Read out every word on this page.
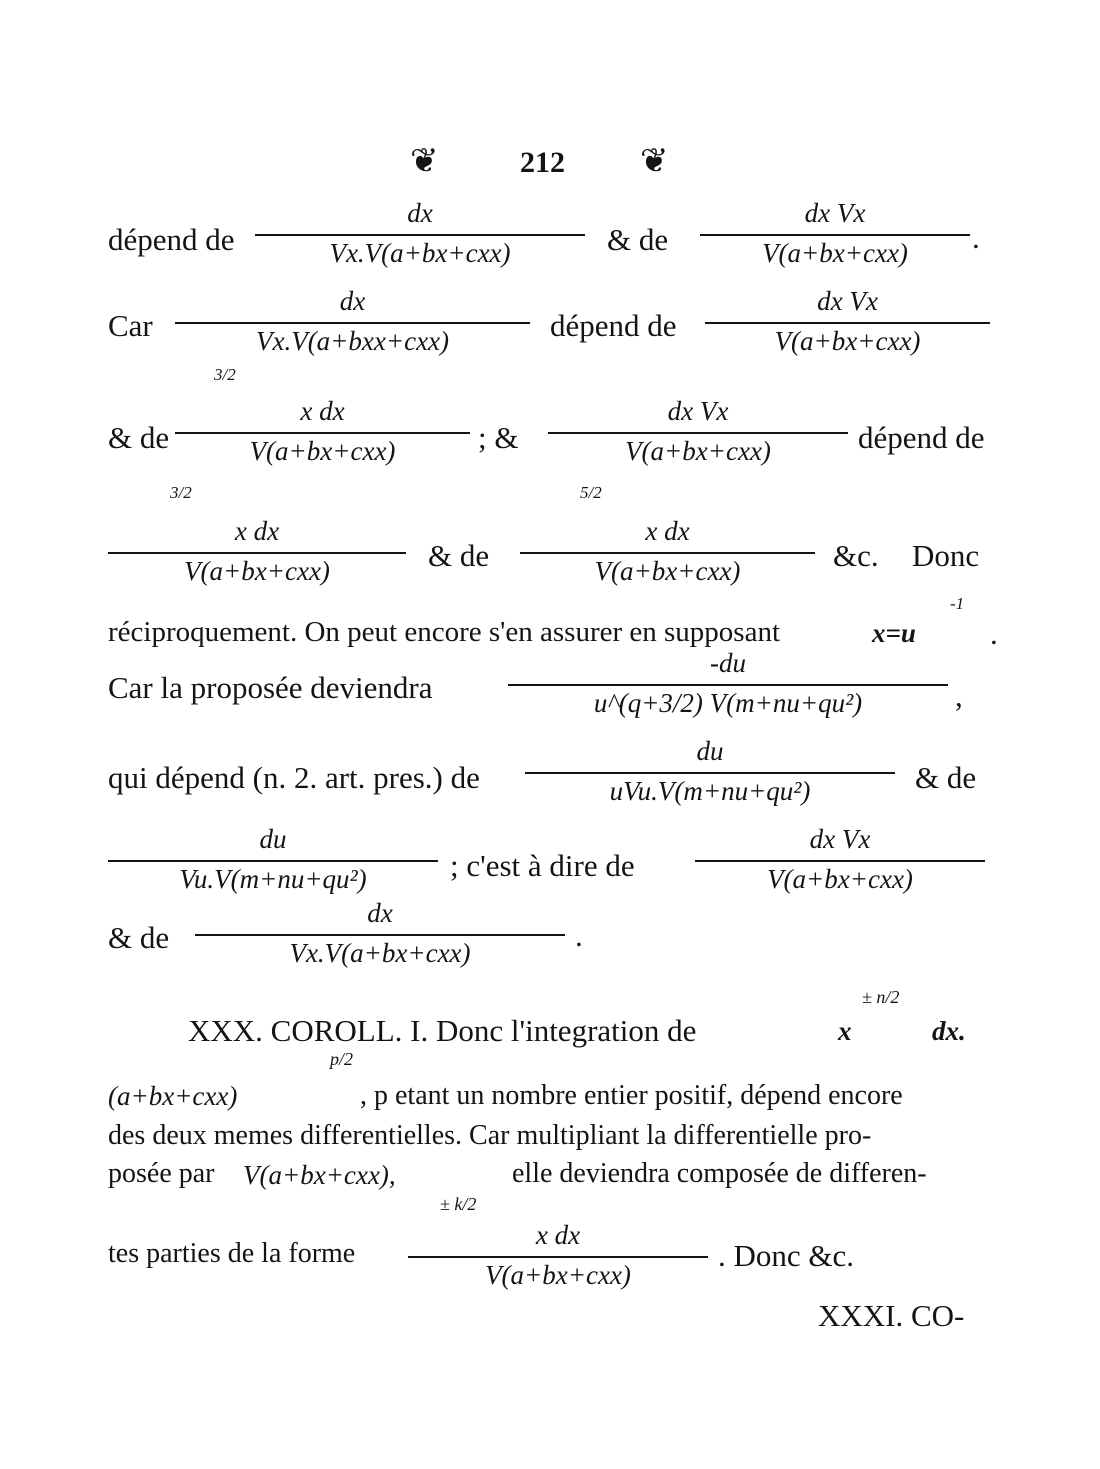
❦	212 ❦
dépend de
dx
Vx.V(a+bx+cxx)	& de
dx Vx
V(a+bx+cxx)	.
Car
dx
Vx.V(a+bxx+cxx)	dépend de
dx Vx
V(a+bx+cxx)
3/2
& de
x dx
V(a+bx+cxx)	; &
dx Vx
V(a+bx+cxx)	dépend de
3/2
x dx
V(a+bx+cxx)	& de
5/2
x dx
V(a+bx+cxx)	&c. Donc
réciproquement. On peut encore s'en assurer en supposant	x=u
-1
.
Car la proposée deviendra
-du
u^(q+3/2) V(m+nu+qu²)	,
qui dépend (n. 2. art. pres.) de
du
uVu.V(m+nu+qu²)	& de
du
Vu.V(m+nu+qu²)	; c'est à dire de
dx Vx
V(a+bx+cxx)
& de
dx
Vx.V(a+bx+cxx)	.
± n/2
XXX. COROLL. I. Donc l'integration de	x	dx.
p/2
(a+bx+cxx)	, p etant un nombre entier positif, dépend encore
des deux memes differentielles. Car multipliant la differentielle pro-
posée par V(a+bx+cxx),	elle deviendra composée de differen-
± k/2
tes parties de la forme
x dx
V(a+bx+cxx)
. Donc &c.
XXXI. CO-
